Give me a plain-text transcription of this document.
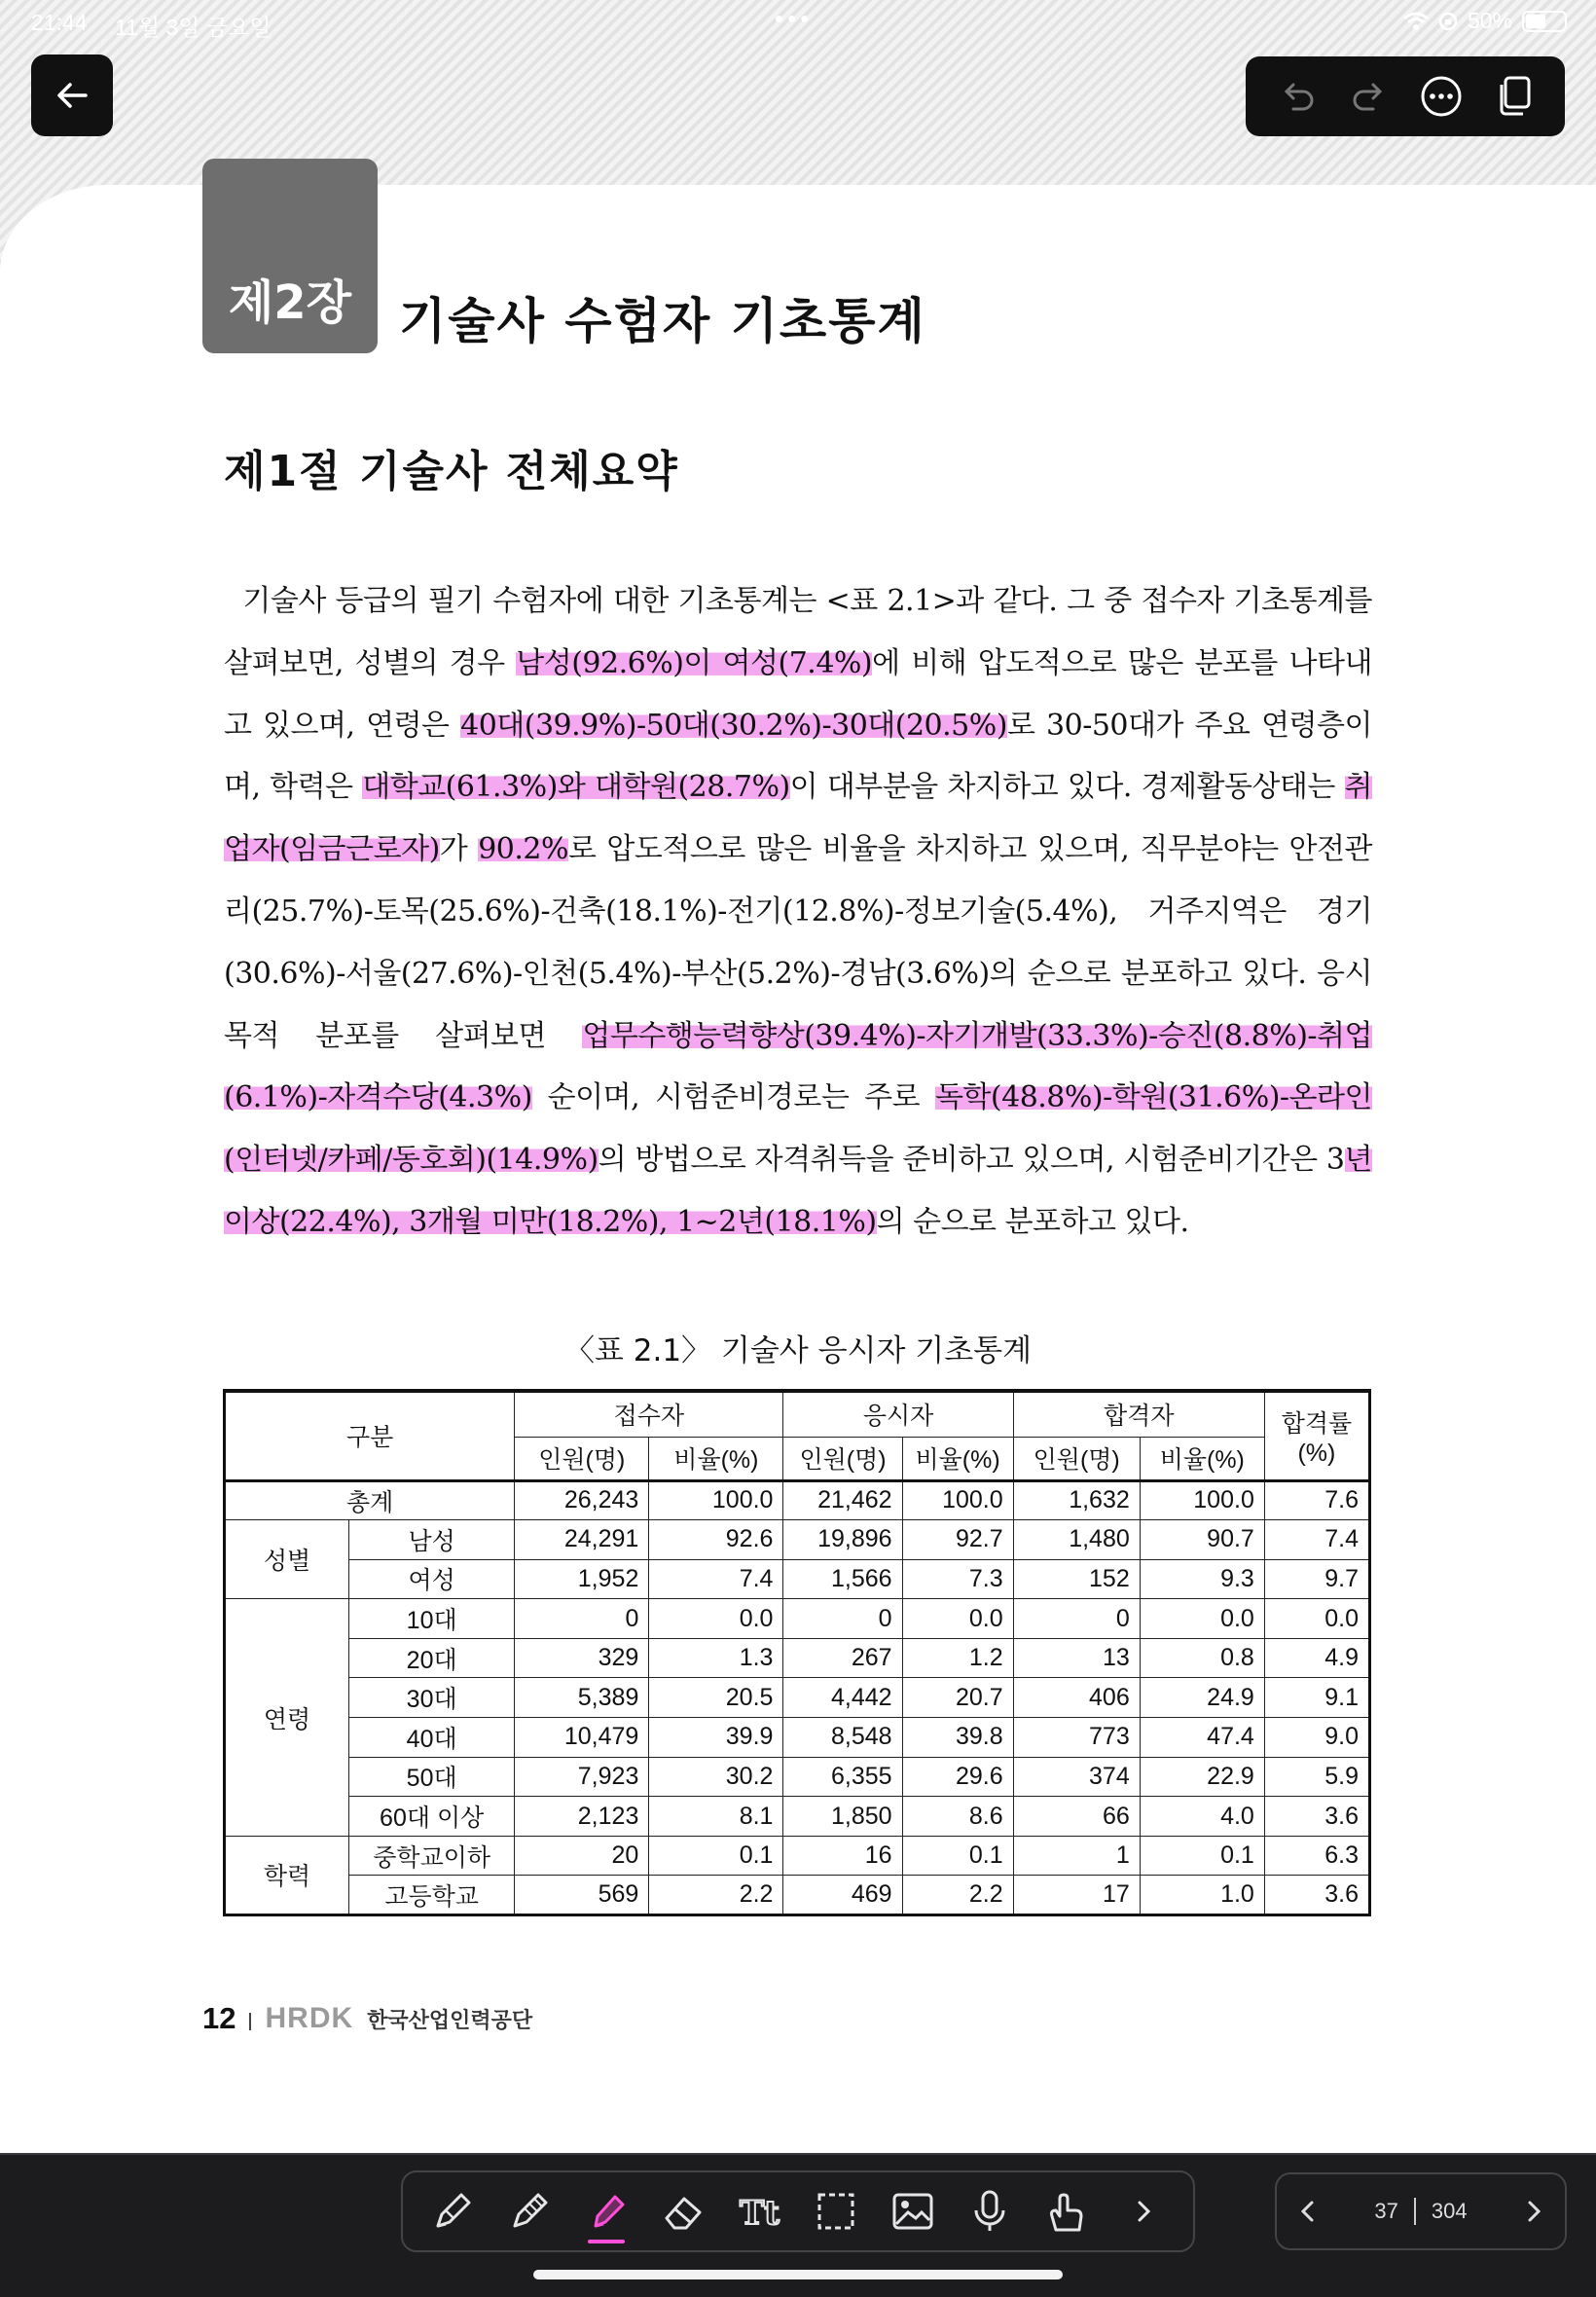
21:44 11월 3일 금요일	•••	50%
제2장 기술사 수험자 기초통계
제1절 기술사 전체요약
기술사 등급의 필기 수험자에 대한 기초통계는 <표 2.1>과 같다. 그 중 접수자 기초통계를 살펴보면, 성별의 경우 남성(92.6%)이 여성(7.4%)에 비해 압도적으로 많은 분포를 나타내고 있으며, 연령은 40대(39.9%)-50대(30.2%)-30대(20.5%)로 30-50대가 주요 연령층이며, 학력은 대학교(61.3%)와 대학원(28.7%)이 대부분을 차지하고 있다. 경제활동상태는 취업자(임금근로자)가 90.2%로 압도적으로 많은 비율을 차지하고 있으며, 직무분야는 안전관리(25.7%)-토목(25.6%)-건축(18.1%)-전기(12.8%)-정보기술(5.4%), 거주지역은 경기(30.6%)-서울(27.6%)-인천(5.4%)-부산(5.2%)-경남(3.6%)의 순으로 분포하고 있다. 응시목적 분포를 살펴보면 업무수행능력향상(39.4%)-자기개발(33.3%)-승진(8.8%)-취업(6.1%)-자격수당(4.3%) 순이며, 시험준비경로는 주로 독학(48.8%)-학원(31.6%)-온라인(인터넷/카페/동호회)(14.9%)의 방법으로 자격취득을 준비하고 있으며, 시험준비기간은 3년이상(22.4%), 3개월 미만(18.2%), 1~2년(18.1%)의 순으로 분포하고 있다.
〈표 2.1〉 기술사 응시자 기초통계
구분		접수자		응시자		합격자		합격률
(%)

		인원(명)	비율(%)	인원(명)	비율(%)	인원(명)	비율(%)	
총계		26,243	100.0	21,462	100.0	1,632	100.0	7.6
성별	남성	24,291	92.6	19,896	92.7	1,480	90.7	7.4
	여성	1,952	7.4	1,566	7.3	152	9.3	9.7
연령	10대	0	0.0	0	0.0	0	0.0	0.0
	20대	329	1.3	267	1.2	13	0.8	4.9
	30대	5,389	20.5	4,442	20.7	406	24.9	9.1
	40대	10,479	39.9	8,548	39.8	773	47.4	9.0
	50대	7,923	30.2	6,355	29.6	374	22.9	5.9
	60대 이상	2,123	8.1	1,850	8.6	66	4.0	3.6
학력	중학교이하	20	0.1	16	0.1	1	0.1	6.3
	고등학교	569	2.2	469	2.2	17	1.0	3.6
12 HRDK 한국산업인력공단
Tt	37 304
